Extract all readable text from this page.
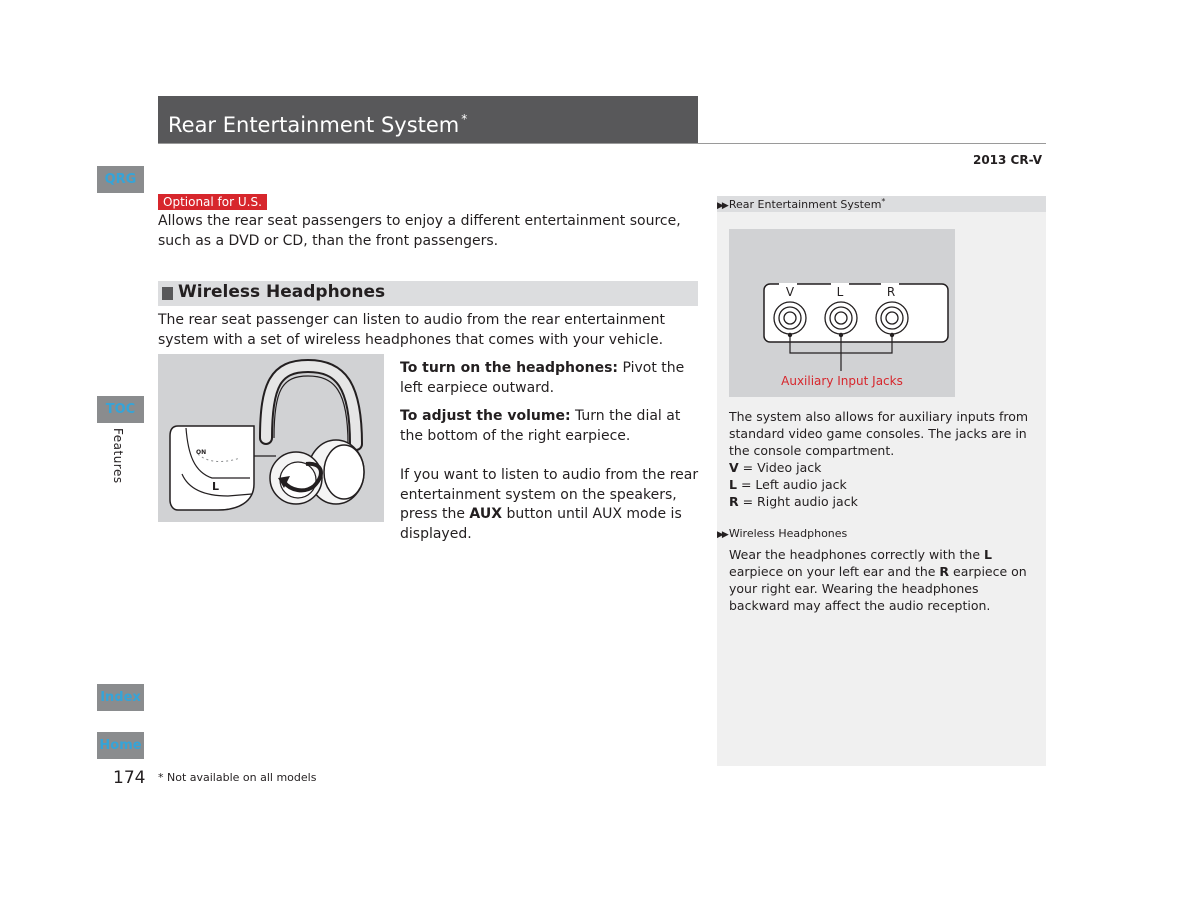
Rear Entertainment System *
2013 CR-V
QRG
TOC
Features
Index
Home
174 * Not available on all models
Optional for U.S.
Allows the rear seat passengers to enjoy a different entertainment source, such as a DVD or CD, than the front passengers.
Wireless Headphones
The rear seat passenger can listen to audio from the rear entertainment system with a set of wireless headphones that comes with your vehicle.
ON
L
To turn on the headphones: Pivot the left earpiece outward.
To adjust the volume: Turn the dial at the bottom of the right earpiece.
If you want to listen to audio from the rear entertainment system on the speakers, press the AUX button until AUX mode is displayed.
▶▶ Rear Entertainment System*
V	L	R
Auxiliary Input Jacks
The system also allows for auxiliary inputs from standard video game consoles. The jacks are in the console compartment.
V = Video jack
L = Left audio jack
R = Right audio jack
▶▶ Wireless Headphones
Wear the headphones correctly with the L earpiece on your left ear and the R earpiece on your right ear. Wearing the headphones backward may affect the audio reception.
